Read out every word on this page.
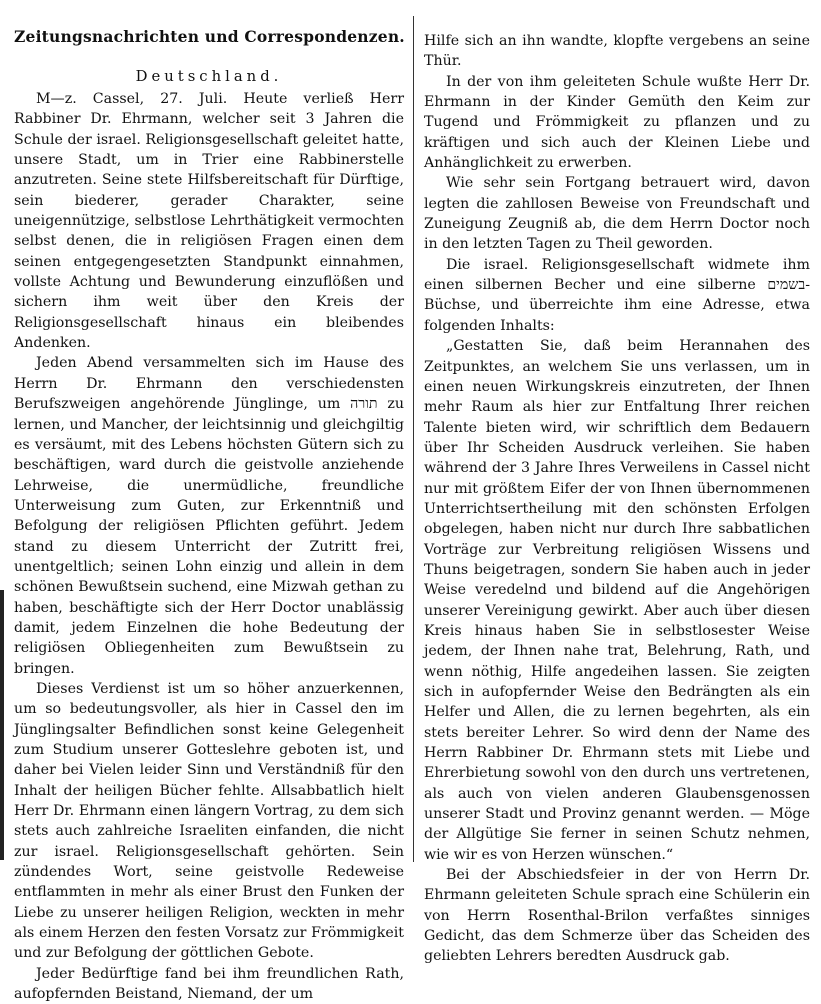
Zeitungsnachrichten und Correspondenzen.
Deutschland.

M—z. Cassel, 27. Juli. Heute verließ Herr Rabbiner Dr. Ehrmann, welcher seit 3 Jahren die Schule der israel. Religionsgesellschaft geleitet hatte, unsere Stadt, um in Trier eine Rabbinerstelle anzutreten. Seine stete Hilfsbereitschaft für Dürftige, sein biederer, gerader Charakter, seine uneigennützige, selbstlose Lehrthätigkeit vermochten selbst denen, die in religiösen Fragen einen dem seinen entgegengesetzten Standpunkt einnahmen, vollste Achtung und Bewunderung einzuflößen und sichern ihm weit über den Kreis der Religionsgesellschaft hinaus ein bleibendes Andenken.

Jeden Abend versammelten sich im Hause des Herrn Dr. Ehrmann den verschiedensten Berufszweigen angehörende Jünglinge, um תורה zu lernen, und Mancher, der leichtsinnig und gleichgiltig es versäumt, mit des Lebens höchsten Gütern sich zu beschäftigen, ward durch die geistvolle anziehende Lehrweise, die unermüdliche, freundliche Unterweisung zum Guten, zur Erkenntniß und Befolgung der religiösen Pflichten geführt. Jedem stand zu diesem Unterricht der Zutritt frei, unentgeltlich; seinen Lohn einzig und allein in dem schönen Bewußtsein suchend, eine Mizwah gethan zu haben, beschäftigte sich der Herr Doctor unablässig damit, jedem Einzelnen die hohe Bedeutung der religiösen Obliegenheiten zum Bewußtsein zu bringen.

Dieses Verdienst ist um so höher anzuerkennen, um so bedeutungsvoller, als hier in Cassel den im Jünglingsalter Befindlichen sonst keine Gelegenheit zum Studium unserer Gotteslehre geboten ist, und daher bei Vielen leider Sinn und Verständniß für den Inhalt der heiligen Bücher fehlte. Allsabbatlich hielt Herr Dr. Ehrmann einen längern Vortrag, zu dem sich stets auch zahlreiche Israeliten einfanden, die nicht zur israel. Religionsgesellschaft gehörten. Sein zündendes Wort, seine geistvolle Redeweise entflammten in mehr als einer Brust den Funken der Liebe zu unserer heiligen Religion, weckten in mehr als einem Herzen den festen Vorsatz zur Frömmigkeit und zur Befolgung der göttlichen Gebote.

Jeder Bedürftige fand bei ihm freundlichen Rath, aufopfernden Beistand, Niemand, der um

Hilfe sich an ihn wandte, klopfte vergebens an seine Thür.

In der von ihm geleiteten Schule wußte Herr Dr. Ehrmann in der Kinder Gemüth den Keim zur Tugend und Frömmigkeit zu pflanzen und zu kräftigen und sich auch der Kleinen Liebe und Anhänglichkeit zu erwerben.

Wie sehr sein Fortgang betrauert wird, davon legten die zahllosen Beweise von Freundschaft und Zuneigung Zeugniß ab, die dem Herrn Doctor noch in den letzten Tagen zu Theil geworden.

Die israel. Religionsgesellschaft widmete ihm einen silbernen Becher und eine silberne בשמים-Büchse, und überreichte ihm eine Adresse, etwa folgenden Inhalts:

„Gestatten Sie, daß beim Herannahen des Zeitpunktes, an welchem Sie uns verlassen, um in einen neuen Wirkungskreis einzutreten, der Ihnen mehr Raum als hier zur Entfaltung Ihrer reichen Talente bieten wird, wir schriftlich dem Bedauern über Ihr Scheiden Ausdruck verleihen. Sie haben während der 3 Jahre Ihres Verweilens in Cassel nicht nur mit größtem Eifer der von Ihnen übernommenen Unterrichtsertheilung mit den schönsten Erfolgen obgelegen, haben nicht nur durch Ihre sabbatlichen Vorträge zur Verbreitung religiösen Wissens und Thuns beigetragen, sondern Sie haben auch in jeder Weise veredelnd und bildend auf die Angehörigen unserer Vereinigung gewirkt. Aber auch über diesen Kreis hinaus haben Sie in selbstlosester Weise jedem, der Ihnen nahe trat, Belehrung, Rath, und wenn nöthig, Hilfe angedeihen lassen. Sie zeigten sich in aufopfernder Weise den Bedrängten als ein Helfer und Allen, die zu lernen begehrten, als ein stets bereiter Lehrer. So wird denn der Name des Herrn Rabbiner Dr. Ehrmann stets mit Liebe und Ehrerbietung sowohl von den durch uns vertretenen, als auch von vielen anderen Glaubensgenossen unserer Stadt und Provinz genannt werden. — Möge der Allgütige Sie ferner in seinen Schutz nehmen, wie wir es von Herzen wünschen.“

Bei der Abschiedsfeier in der von Herrn Dr. Ehrmann geleiteten Schule sprach eine Schülerin ein von Herrn Rosenthal-Brilon verfaßtes sinniges Gedicht, das dem Schmerze über das Scheiden des geliebten Lehrers beredten Ausdruck gab.
